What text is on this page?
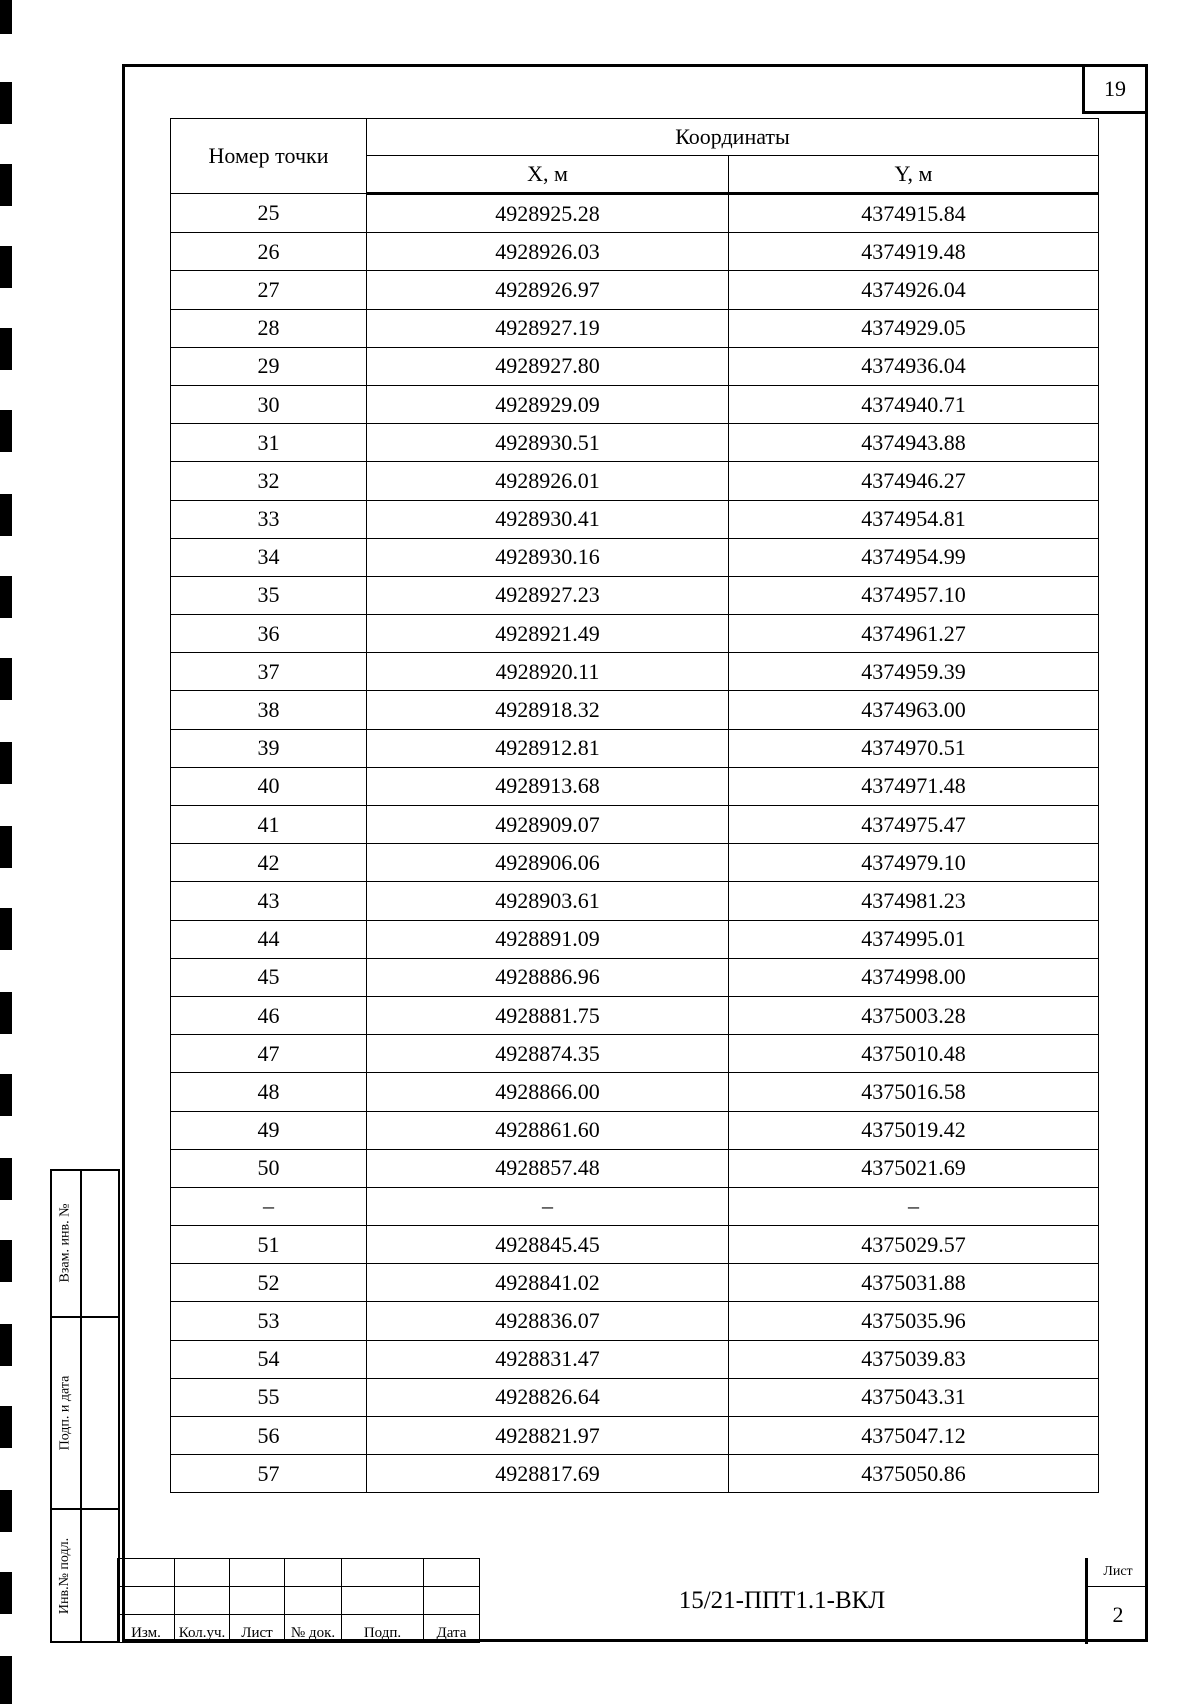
19
Номер точки	Координаты	
	X, м	Y, м
25	4928925.28	4374915.84
26	4928926.03	4374919.48
27	4928926.97	4374926.04
28	4928927.19	4374929.05
29	4928927.80	4374936.04
30	4928929.09	4374940.71
31	4928930.51	4374943.88
32	4928926.01	4374946.27
33	4928930.41	4374954.81
34	4928930.16	4374954.99
35	4928927.23	4374957.10
36	4928921.49	4374961.27
37	4928920.11	4374959.39
38	4928918.32	4374963.00
39	4928912.81	4374970.51
40	4928913.68	4374971.48
41	4928909.07	4374975.47
42	4928906.06	4374979.10
43	4928903.61	4374981.23
44	4928891.09	4374995.01
45	4928886.96	4374998.00
46	4928881.75	4375003.28
47	4928874.35	4375010.48
48	4928866.00	4375016.58
49	4928861.60	4375019.42
50	4928857.48	4375021.69
–	–	–
51	4928845.45	4375029.57
52	4928841.02	4375031.88
53	4928836.07	4375035.96
54	4928831.47	4375039.83
55	4928826.64	4375043.31
56	4928821.97	4375047.12
57	4928817.69	4375050.86
Взам. инв. №
Подп. и дата
Инв.№ подл.

Изм.	Кол.уч.	Лист	№ док.	Подп.	Дата
15/21-ППТ1.1-ВКЛ
Лист
2
